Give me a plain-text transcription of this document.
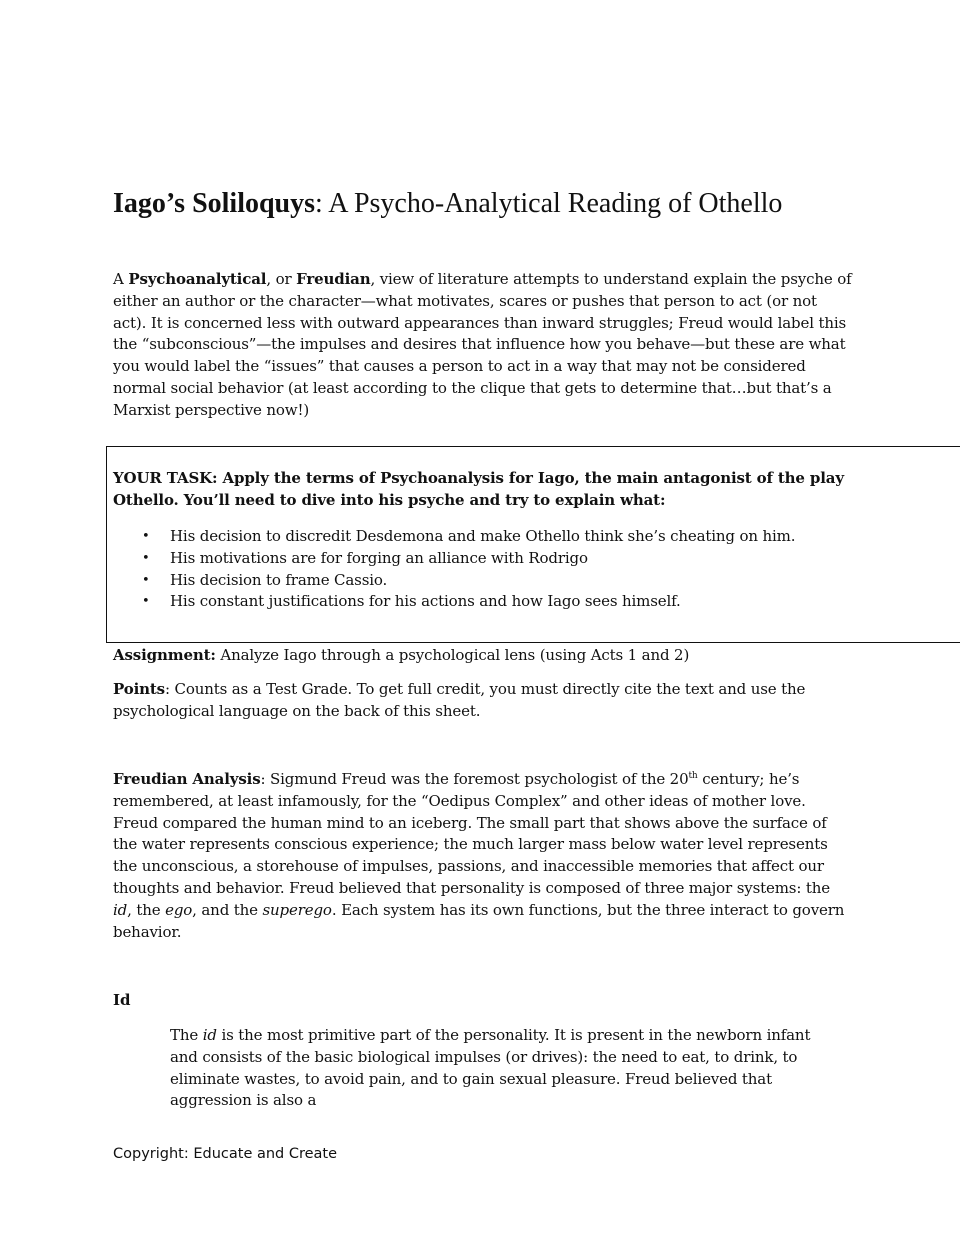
Iago’s Soliloquys: A Psycho-Analytical Reading of Othello

A Psychoanalytical, or Freudian, view of literature attempts to understand explain the psyche of either an author or the character—what motivates, scares or pushes that person to act (or not act). It is concerned less with outward appearances than inward struggles; Freud would label this the “subconscious”—the impulses and desires that influence how you behave—but these are what you would label the “issues” that causes a person to act in a way that may not be considered normal social behavior (at least according to the clique that gets to determine that…but that’s a Marxist perspective now!)

YOUR TASK: Apply the terms of Psychoanalysis for Iago, the main antagonist of the play Othello. You’ll need to dive into his psyche and try to explain what:

• His decision to discredit Desdemona and make Othello think she’s cheating on him.
• His motivations are for forging an alliance with Rodrigo
• His decision to frame Cassio.
• His constant justifications for his actions and how Iago sees himself.

Assignment: Analyze Iago through a psychological lens (using Acts 1 and 2)

Points: Counts as a Test Grade. To get full credit, you must directly cite the text and use the psychological language on the back of this sheet.

Freudian Analysis: Sigmund Freud was the foremost psychologist of the 20th century; he’s remembered, at least infamously, for the “Oedipus Complex” and other ideas of mother love. Freud compared the human mind to an iceberg. The small part that shows above the surface of the water represents conscious experience; the much larger mass below water level represents the unconscious, a storehouse of impulses, passions, and inaccessible memories that affect our thoughts and behavior. Freud believed that personality is composed of three major systems: the id, the ego, and the superego. Each system has its own functions, but the three interact to govern behavior.

Id

The id is the most primitive part of the personality. It is present in the newborn infant and consists of the basic biological impulses (or drives): the need to eat, to drink, to eliminate wastes, to avoid pain, and to gain sexual pleasure. Freud believed that aggression is also a

Copyright: Educate and Create
